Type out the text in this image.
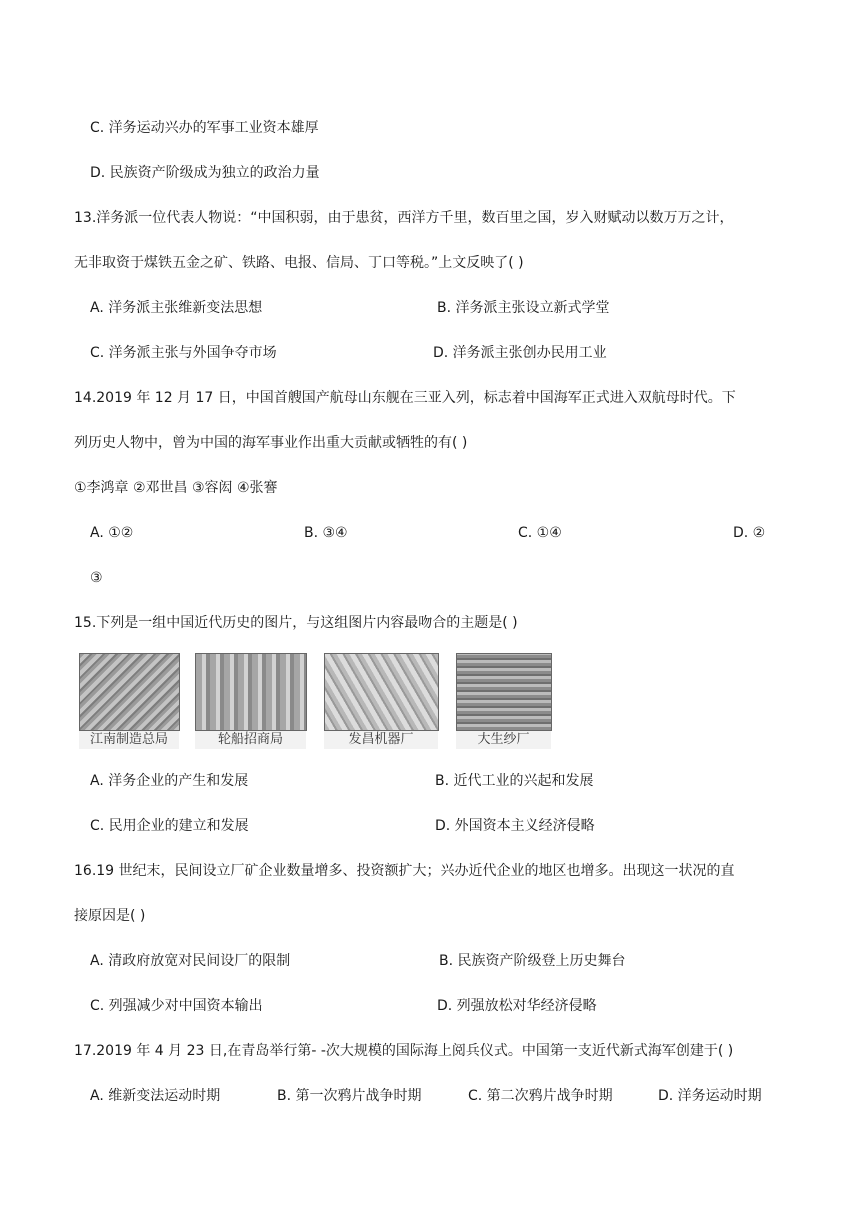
C. 洋务运动兴办的军事工业资本雄厚
D. 民族资产阶级成为独立的政治力量
13.洋务派一位代表人物说：“中国积弱，由于患贫，西洋方千里，数百里之国，岁入财赋动以数万万之计，
无非取资于煤铁五金之矿、铁路、电报、信局、丁口等税。”上文反映了( )
A. 洋务派主张维新变法思想	B. 洋务派主张设立新式学堂
C. 洋务派主张与外国争夺市场	D. 洋务派主张创办民用工业
14.2019 年 12 月 17 日，中国首艘国产航母山东舰在三亚入列，标志着中国海军正式进入双航母时代。下
列历史人物中，曾为中国的海军事业作出重大贡献或牺牲的有( )
①李鸿章 ②邓世昌 ③容闳 ④张謇
A. ①②	B. ③④	C. ①④	D. ②
③
15.下列是一组中国近代历史的图片，与这组图片内容最吻合的主题是( )
江南制造总局	轮船招商局	发昌机器厂	大生纱厂
A. 洋务企业的产生和发展	B. 近代工业的兴起和发展
C. 民用企业的建立和发展	D. 外国资本主义经济侵略
16.19 世纪末，民间设立厂矿企业数量增多、投资额扩大；兴办近代企业的地区也增多。出现这一状况的直
接原因是( )
A. 清政府放宽对民间设厂的限制	B. 民族资产阶级登上历史舞台
C. 列强减少对中国资本输出	D. 列强放松对华经济侵略
17.2019 年 4 月 23 日,在青岛举行第- -次大规模的国际海上阅兵仪式。中国第一支近代新式海军创建于( )
A. 维新变法运动时期	B. 第一次鸦片战争时期	C. 第二次鸦片战争时期	D. 洋务运动时期
